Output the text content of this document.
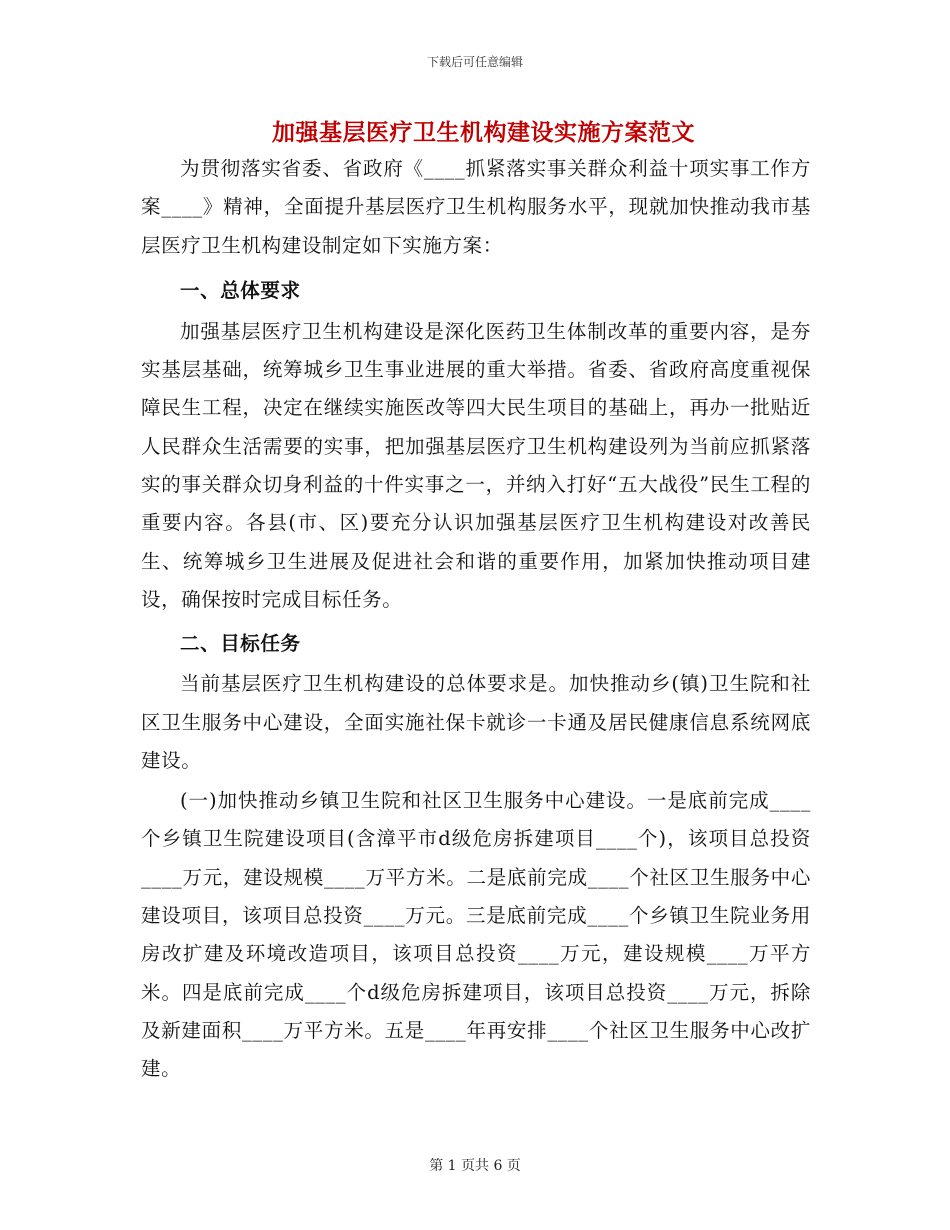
下载后可任意编辑
加强基层医疗卫生机构建设实施方案范文

为贯彻落实省委、省政府《____抓紧落实事关群众利益十项实事工作方案____》精神，全面提升基层医疗卫生机构服务水平，现就加快推动我市基层医疗卫生机构建设制定如下实施方案：

一、总体要求

加强基层医疗卫生机构建设是深化医药卫生体制改革的重要内容，是夯实基层基础，统筹城乡卫生事业进展的重大举措。省委、省政府高度重视保障民生工程，决定在继续实施医改等四大民生项目的基础上，再办一批贴近人民群众生活需要的实事，把加强基层医疗卫生机构建设列为当前应抓紧落实的事关群众切身利益的十件实事之一，并纳入打好“五大战役”民生工程的重要内容。各县(市、区)要充分认识加强基层医疗卫生机构建设对改善民生、统筹城乡卫生进展及促进社会和谐的重要作用，加紧加快推动项目建设，确保按时完成目标任务。

二、目标任务

当前基层医疗卫生机构建设的总体要求是。加快推动乡(镇)卫生院和社区卫生服务中心建设，全面实施社保卡就诊一卡通及居民健康信息系统网底建设。

(一)加快推动乡镇卫生院和社区卫生服务中心建设。一是底前完成____个乡镇卫生院建设项目(含漳平市d级危房拆建项目____个)，该项目总投资____万元，建设规模____万平方米。二是底前完成____个社区卫生服务中心建设项目，该项目总投资____万元。三是底前完成____个乡镇卫生院业务用房改扩建及环境改造项目，该项目总投资____万元，建设规模____万平方米。四是底前完成____个d级危房拆建项目，该项目总投资____万元，拆除及新建面积____万平方米。五是____年再安排____个社区卫生服务中心改扩建。

第 1 页共 6 页
